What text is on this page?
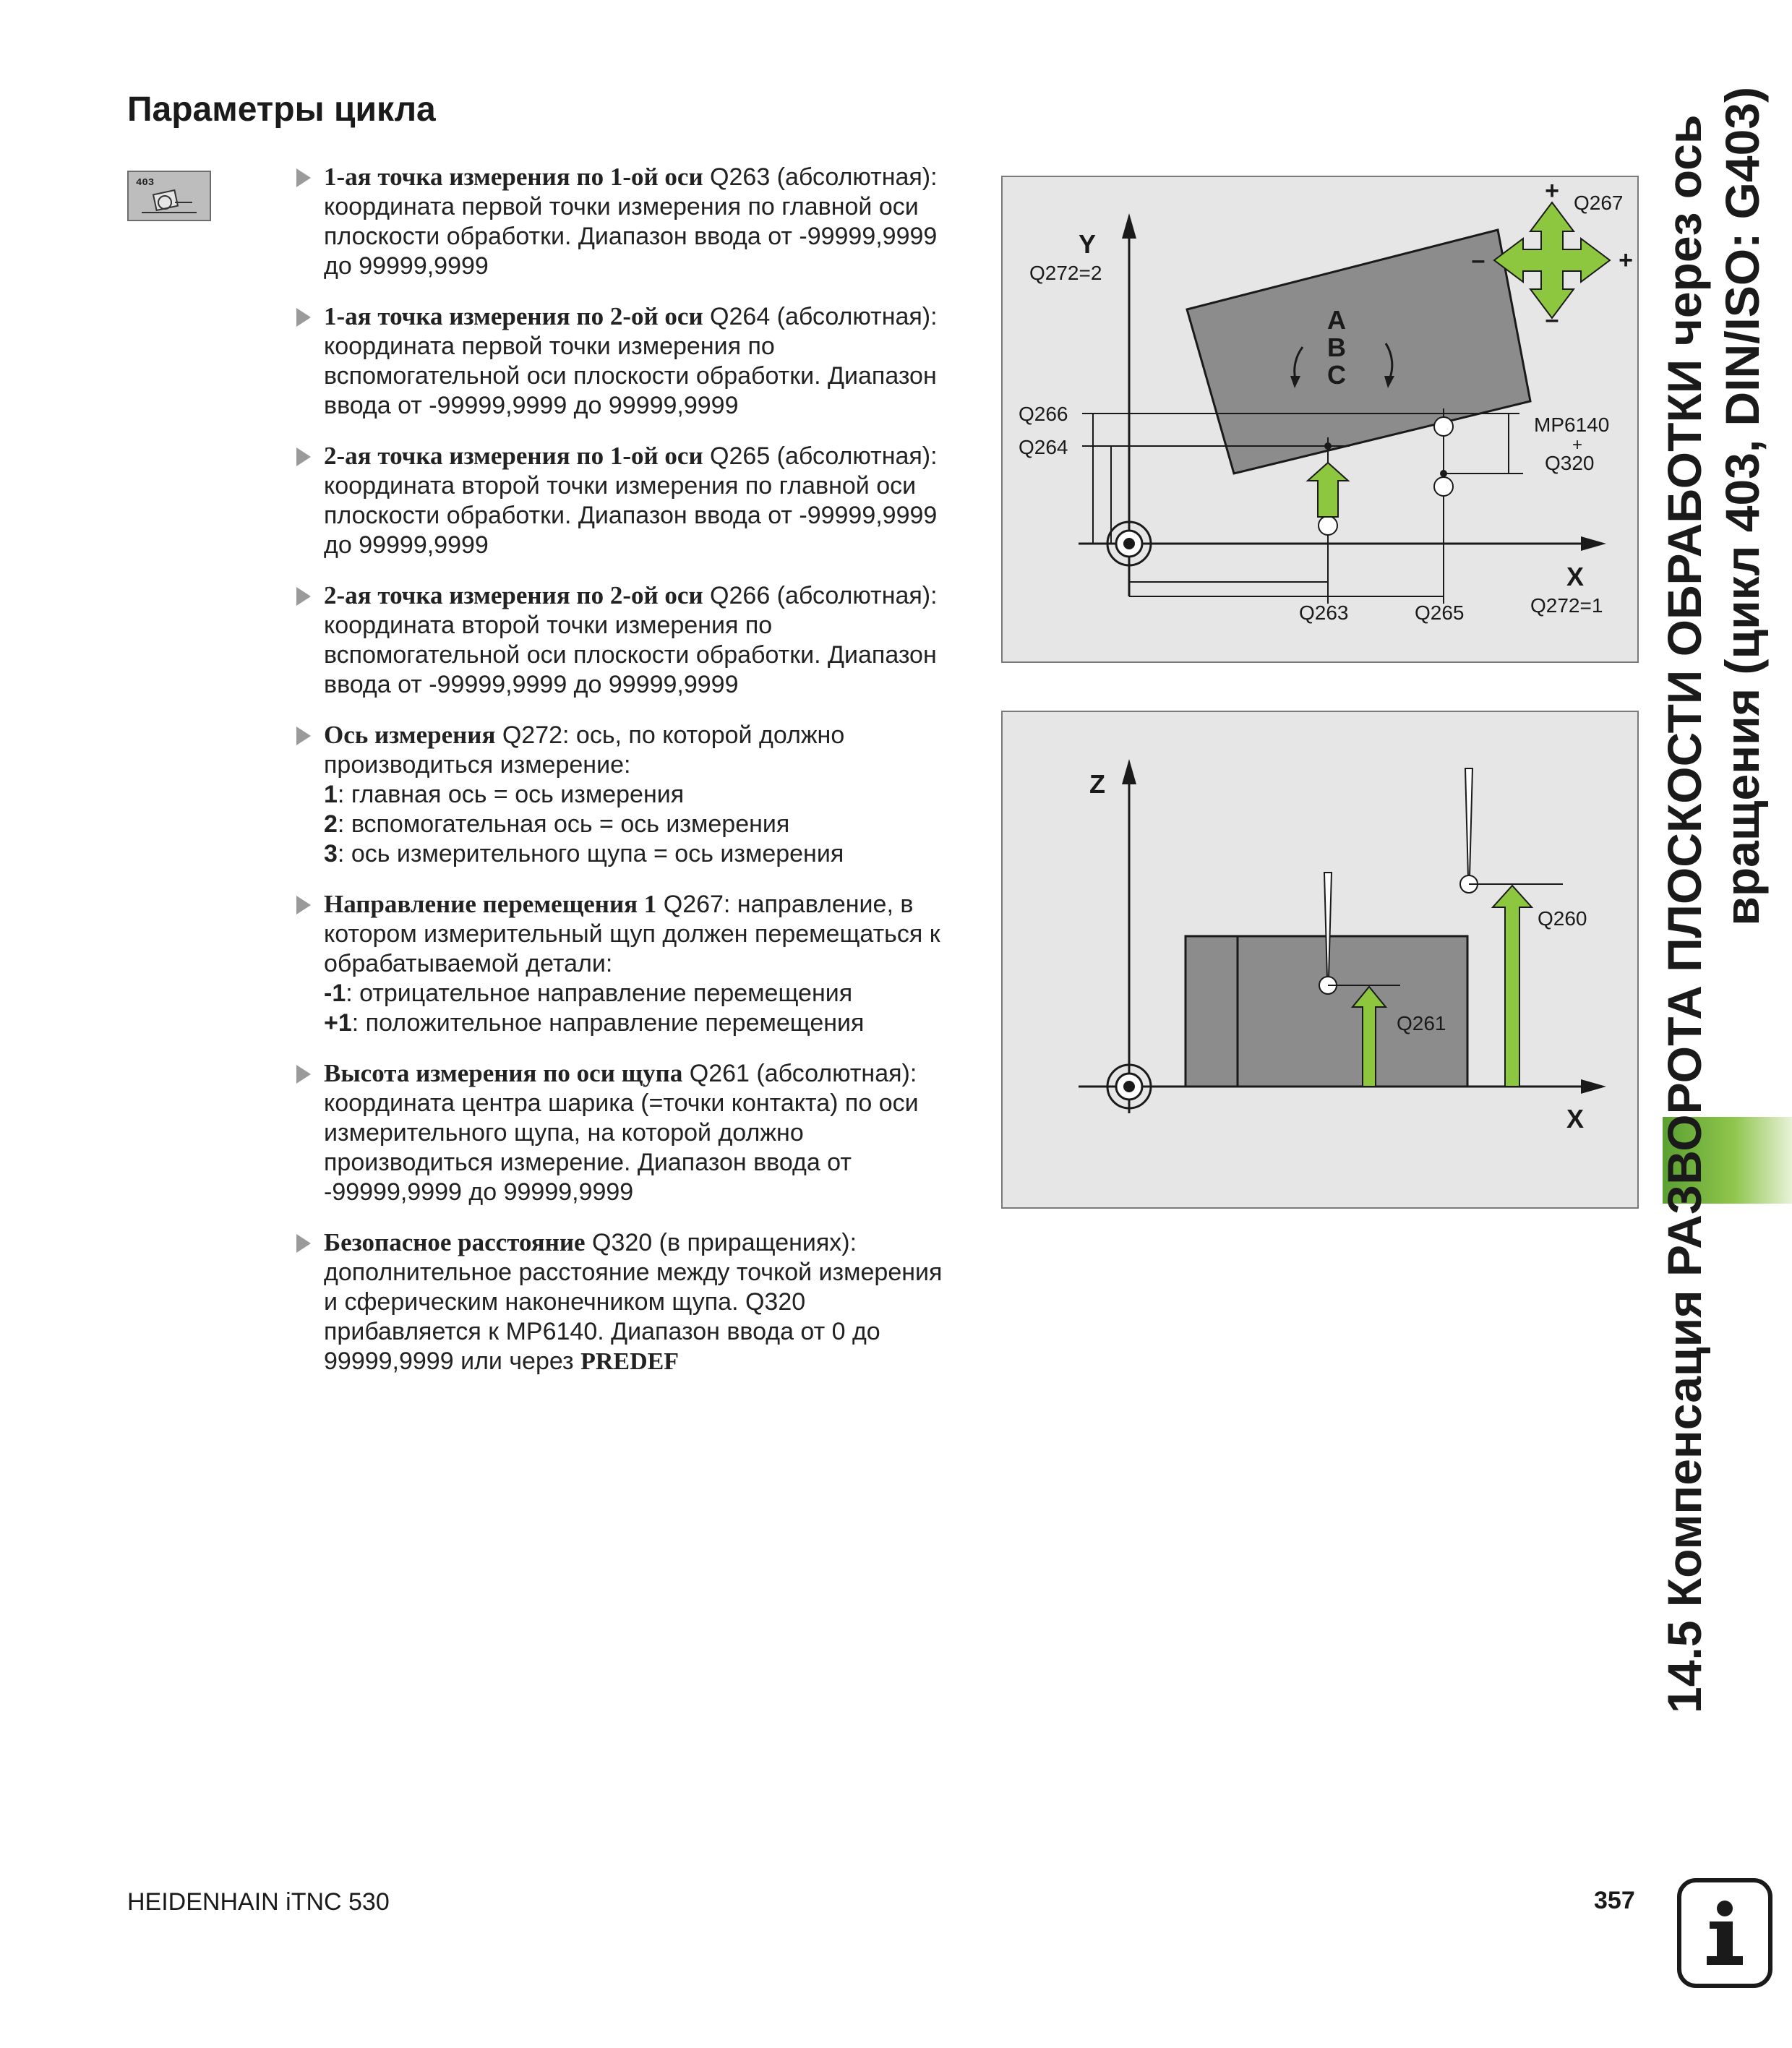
Параметры цикла
403	1-ая точка измерения по 1-ой оси Q263 (абсолютная): координата первой точки измерения по главной оси плоскости обработки. Диапазон ввода от -99999,9999 до 99999,9999
1-ая точка измерения по 2-ой оси Q264 (абсолютная): координата первой точки измерения по вспомогательной оси плоскости обработки. Диапазон ввода от -99999,9999 до 99999,9999
2-ая точка измерения по 1-ой оси Q265 (абсолютная): координата второй точки измерения по главной оси плоскости обработки. Диапазон ввода от -99999,9999 до 99999,9999
2-ая точка измерения по 2-ой оси Q266 (абсолютная): координата второй точки измерения по вспомогательной оси плоскости обработки. Диапазон ввода от -99999,9999 до 99999,9999
Ось измерения Q272: ось, по которой должно производиться измерение:
1: главная ось = ось измерения
2: вспомогательная ось = ось измерения
3: ось измерительного щупа = ось измерения
Направление перемещения 1 Q267: направление, в котором измерительный щуп должен перемещаться к обрабатываемой детали:
-1: отрицательное направление перемещения
+1: положительное направление перемещения
Высота измерения по оси щупа Q261 (абсолютная): координата центра шарика (=точки контакта) по оси измерительного щупа, на которой должно производиться измерение. Диапазон ввода от -99999,9999 до 99999,9999
Безопасное расстояние Q320 (в приращениях): дополнительное расстояние между точкой измерения и сферическим наконечником щупа. Q320 прибавляется к MP6140. Диапазон ввода от 0 до 99999,9999 или через PREDEF
A
B
C
Y
Q272=2
X
Q272=1
Q266
Q264
MP6140
+
Q320
Q263	Q265
+
–
–	+
Q267
Z
X
Q261
Q260 14.5 Компенсация РАЗВОРОТА ПЛОСКОСТИ ОБРАБОТКИ через ось вращения (цикл 403, DIN/ISO: G403)
HEIDENHAIN iTNC 530	357
